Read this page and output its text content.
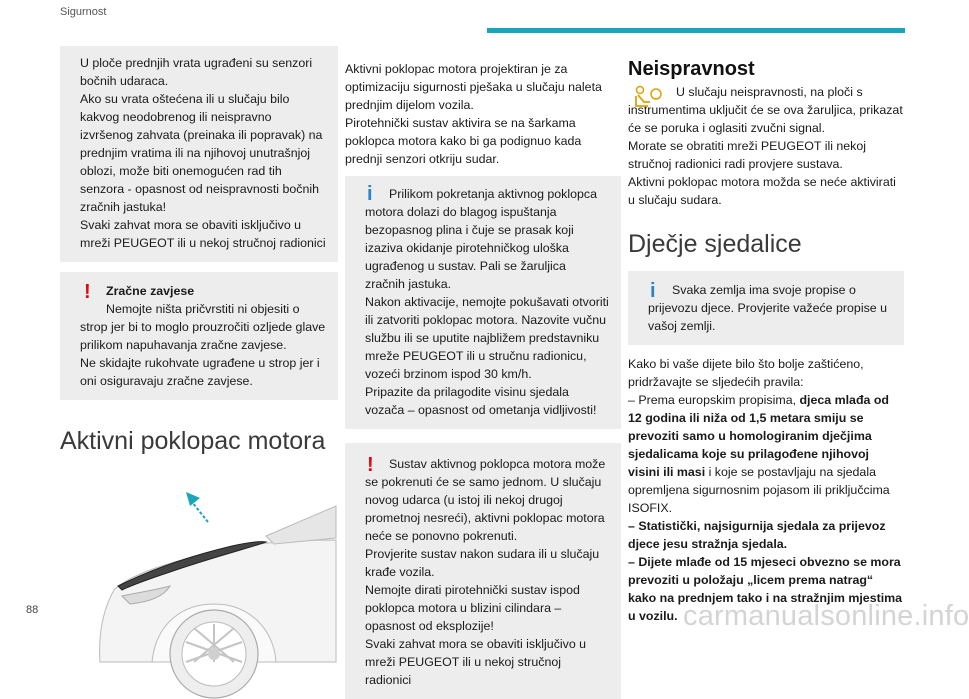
Sigurnost

U ploče prednjih vrata ugrađeni su senzori bočnih udaraca.

Ako su vrata oštećena ili u slučaju bilo kakvog neodobrenog ili neispravno izvršenog zahvata (preinaka ili popravak) na prednjim vratima ili na njihovoj unutrašnjoj oblozi, može biti onemogućen rad tih senzora - opasnost od neispravnosti bočnih zračnih jastuka!

Svaki zahvat mora se obaviti isključivo u mreži PEUGEOT ili u nekoj stručnoj radionici

!	Zračne zavjese

Nemojte ništa pričvrstiti ni objesiti o strop jer bi to moglo prouzročiti ozljede glave prilikom napuhavanja zračne zavjese.

Ne skidajte rukohvate ugrađene u strop jer i oni osiguravaju zračne zavjese.

Aktivni poklopac motora

Aktivni poklopac motora projektiran je za optimizaciju sigurnosti pješaka u slučaju naleta prednjim dijelom vozila.

Pirotehnički sustav aktivira se na šarkama poklopca motora kako bi ga podignuo kada prednji senzori otkriju sudar.

i	Prilikom pokretanja aktivnog poklopca motora dolazi do blagog ispuštanja bezopasnog plina i čuje se prasak koji izaziva okidanje pirotehničkog uloška ugrađenog u sustav. Pali se žaruljica zračnih jastuka.

Nakon aktivacije, nemojte pokušavati otvoriti ili zatvoriti poklopac motora. Nazovite vučnu službu ili se uputite najbližem predstavniku mreže PEUGEOT ili u stručnu radionicu, vozeći brzinom ispod 30 km/h.

Pripazite da prilagodite visinu sjedala vozača – opasnost od ometanja vidljivosti!

!	Sustav aktivnog poklopca motora može se pokrenuti će se samo jednom. U slučaju novog udarca (u istoj ili nekoj drugoj prometnoj nesreći), aktivni poklopac motora neće se ponovno pokrenuti.

Provjerite sustav nakon sudara ili u slučaju krađe vozila.

Nemojte dirati pirotehnički sustav ispod poklopca motora u blizini cilindara – opasnost od eksplozije!

Svaki zahvat mora se obaviti isključivo u mreži PEUGEOT ili u nekoj stručnoj radionici

Neispravnost

U slučaju neispravnosti, na ploči s instrumentima uključit će se ova žaruljica, prikazat će se poruka i oglasiti zvučni signal.

Morate se obratiti mreži PEUGEOT ili nekoj stručnoj radionici radi provjere sustava.

Aktivni poklopac motora možda se neće aktivirati u slučaju sudara.

Dječje sjedalice
i	Svaka zemlja ima svoje propise o prijevozu djece. Provjerite važeće propise u vašoj zemlji.

Kako bi vaše dijete bilo što bolje zaštićeno, pridržavajte se sljedećih pravila:

– Prema europskim propisima, djeca mlađa od 12 godina ili niža od 1,5 metara smiju se prevoziti samo u homologiranim dječjima sjedalicama koje su prilagođene njihovoj visini ili masi i koje se postavljaju na sjedala opremljena sigurnosnim pojasom ili priključcima ISOFIX.

– Statistički, najsigurnija sjedala za prijevoz djece jesu stražnja sjedala.

– Dijete mlađe od 15 mjeseci obvezno se mora prevoziti u položaju „licem prema natrag“ kako na prednjem tako i na stražnjim mjestima u vozilu.

88	carmanualsonline.info
